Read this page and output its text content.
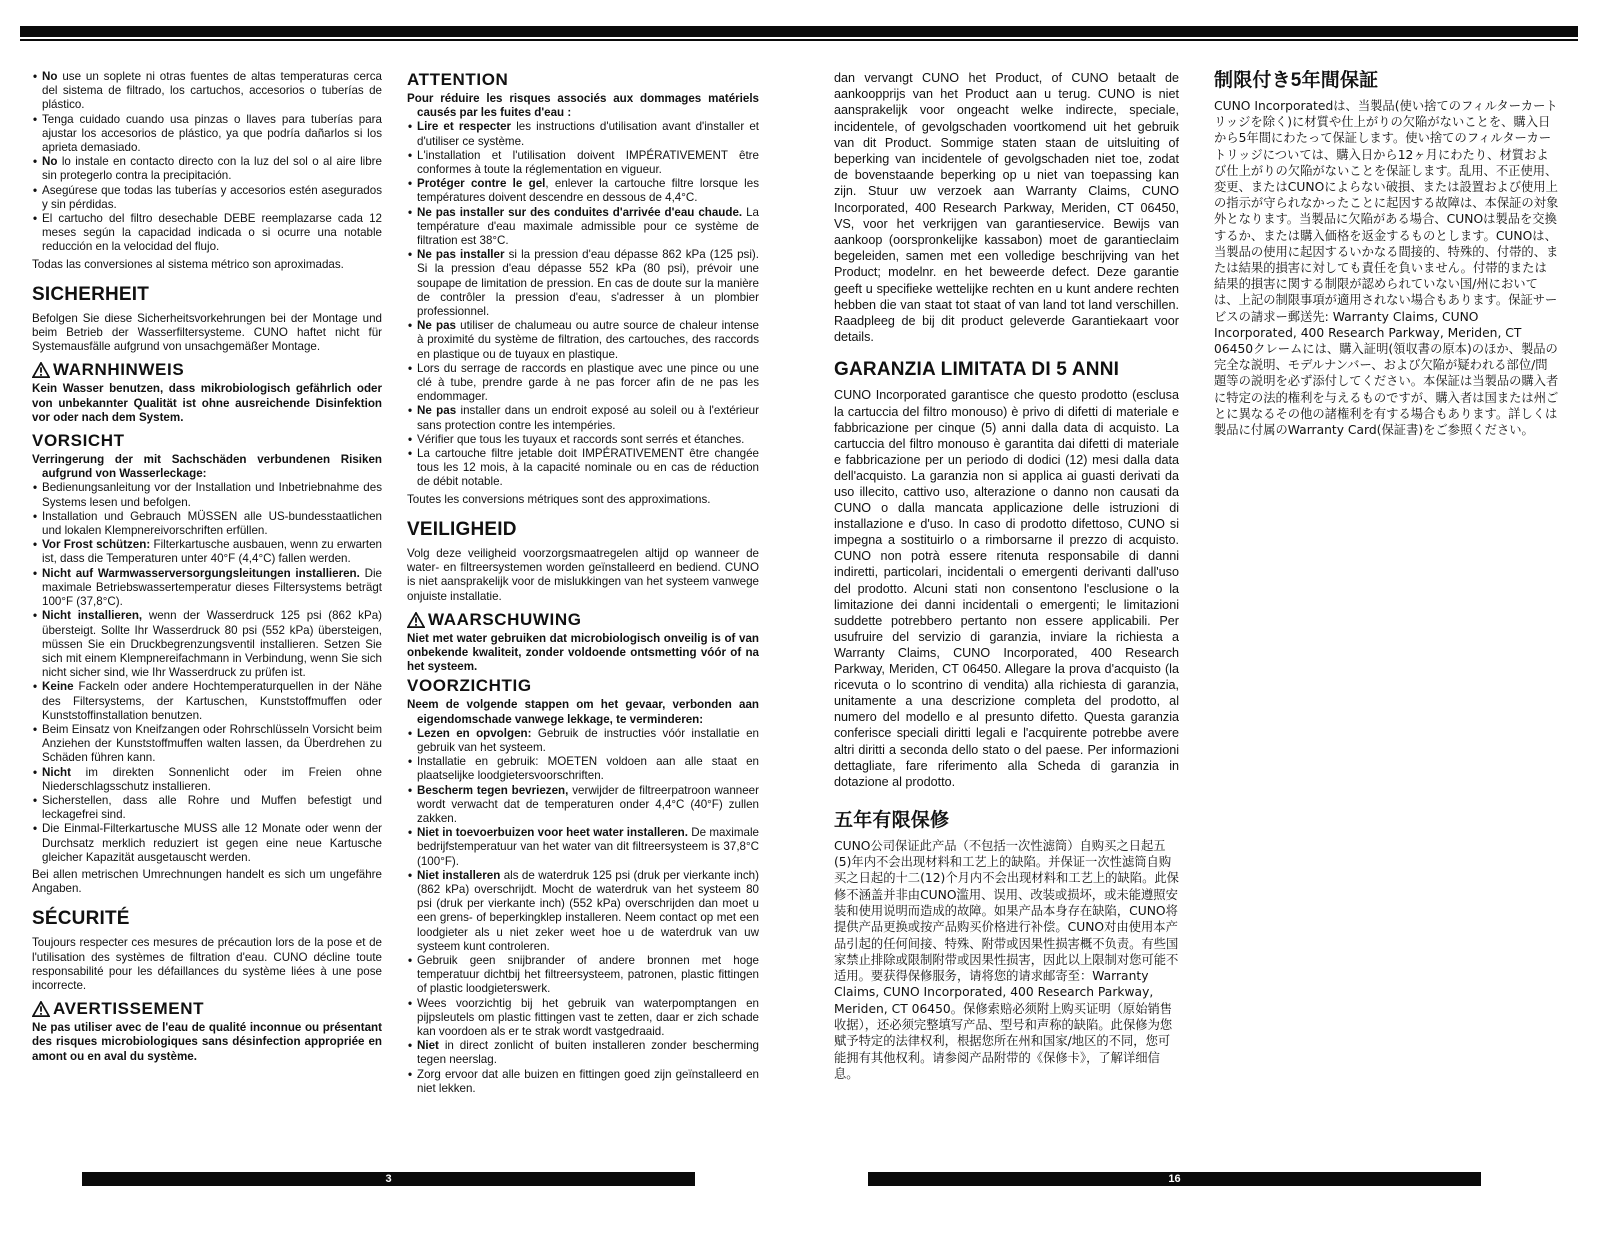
• No use un soplete ni otras fuentes de altas temperaturas cerca del sistema de filtrado, los cartuchos, accesorios o tuberías de plástico.
• Tenga cuidado cuando usa pinzas o llaves para tuberías para ajustar los accesorios de plástico, ya que podría dañarlos si los aprieta demasiado.
• No lo instale en contacto directo con la luz del sol o al aire libre sin protegerlo contra la precipitación.
• Asegúrese que todas las tuberías y accesorios estén asegurados y sin pérdidas.
• El cartucho del filtro desechable DEBE reemplazarse cada 12 meses según la capacidad indicada o si ocurre una notable reducción en la velocidad del flujo.

Todas las conversiones al sistema métrico son aproximadas.

SICHERHEIT

Befolgen Sie diese Sicherheitsvorkehrungen bei der Montage und beim Betrieb der Wasserfiltersysteme. CUNO haftet nicht für Systemausfälle aufgrund von unsachgemäßer Montage.

WARNHINWEIS

Kein Wasser benutzen, dass mikrobiologisch gefährlich oder von unbekannter Qualität ist ohne ausreichende Disinfektion vor oder nach dem System.

VORSICHT

Verringerung der mit Sachschäden verbundenen Risiken aufgrund von Wasserleckage:

• Bedienungsanleitung vor der Installation und Inbetriebnahme des Systems lesen und befolgen.
• Installation und Gebrauch MÜSSEN alle US-bundesstaatlichen und lokalen Klempnereivorschriften erfüllen.
• Vor Frost schützen: Filterkartusche ausbauen, wenn zu erwarten ist, dass die Temperaturen unter 40°F (4,4°C) fallen werden.
• Nicht auf Warmwasserversorgungsleitungen installieren. Die maximale Betriebswassertemperatur dieses Filtersystems beträgt 100°F (37,8°C).
• Nicht installieren, wenn der Wasserdruck 125 psi (862 kPa) übersteigt. Sollte Ihr Wasserdruck 80 psi (552 kPa) übersteigen, müssen Sie ein Druckbegrenzungsventil installieren. Setzen Sie sich mit einem Klempnereifachmann in Verbindung, wenn Sie sich nicht sicher sind, wie Ihr Wasserdruck zu prüfen ist.
• Keine Fackeln oder andere Hochtemperaturquellen in der Nähe des Filtersystems, der Kartuschen, Kunststoffmuffen oder Kunststoffinstallation benutzen.
• Beim Einsatz von Kneifzangen oder Rohrschlüsseln Vorsicht beim Anziehen der Kunststoffmuffen walten lassen, da Überdrehen zu Schäden führen kann.
• Nicht im direkten Sonnenlicht oder im Freien ohne Niederschlagsschutz installieren.
• Sicherstellen, dass alle Rohre und Muffen befestigt und leckagefrei sind.
• Die Einmal-Filterkartusche MUSS alle 12 Monate oder wenn der Durchsatz merklich reduziert ist gegen eine neue Kartusche gleicher Kapazität ausgetauscht werden.

Bei allen metrischen Umrechnungen handelt es sich um ungefähre Angaben.

SÉCURITÉ

Toujours respecter ces mesures de précaution lors de la pose et de l'utilisation des systèmes de filtration d'eau. CUNO décline toute responsabilité pour les défaillances du système liées à une pose incorrecte.

AVERTISSEMENT

Ne pas utiliser avec de l'eau de qualité inconnue ou présentant des risques microbiologiques sans désinfection appropriée en amont ou en aval du système.

ATTENTION

Pour réduire les risques associés aux dommages matériels causés par les fuites d'eau :

• Lire et respecter les instructions d'utilisation avant d'installer et d'utiliser ce système.
• L'installation et l'utilisation doivent IMPÉRATIVEMENT être conformes à toute la réglementation en vigueur.
• Protéger contre le gel, enlever la cartouche filtre lorsque les températures doivent descendre en dessous de 4,4°C.
• Ne pas installer sur des conduites d'arrivée d'eau chaude. La température d'eau maximale admissible pour ce système de filtration est 38°C.
• Ne pas installer si la pression d'eau dépasse 862 kPa (125 psi). Si la pression d'eau dépasse 552 kPa (80 psi), prévoir une soupape de limitation de pression. En cas de doute sur la manière de contrôler la pression d'eau, s'adresser à un plombier professionnel.
• Ne pas utiliser de chalumeau ou autre source de chaleur intense à proximité du système de filtration, des cartouches, des raccords en plastique ou de tuyaux en plastique.
• Lors du serrage de raccords en plastique avec une pince ou une clé à tube, prendre garde à ne pas forcer afin de ne pas les endommager.
• Ne pas installer dans un endroit exposé au soleil ou à l'extérieur sans protection contre les intempéries.
• Vérifier que tous les tuyaux et raccords sont serrés et étanches.
• La cartouche filtre jetable doit IMPÉRATIVEMENT être changée tous les 12 mois, à la capacité nominale ou en cas de réduction de débit notable.

Toutes les conversions métriques sont des approximations.

VEILIGHEID

Volg deze veiligheid voorzorgsmaatregelen altijd op wanneer de water- en filtreersystemen worden geïnstalleerd en bediend. CUNO is niet aansprakelijk voor de mislukkingen van het systeem vanwege onjuiste installatie.

WAARSCHUWING

Niet met water gebruiken dat microbiologisch onveilig is of van onbekende kwaliteit, zonder voldoende ontsmetting vóór of na het systeem.

VOORZICHTIG

Neem de volgende stappen om het gevaar, verbonden aan eigendomschade vanwege lekkage, te verminderen:

• Lezen en opvolgen: Gebruik de instructies vóór installatie en gebruik van het systeem.
• Installatie en gebruik: MOETEN voldoen aan alle staat en plaatselijke loodgietersvoorschriften.
• Bescherm tegen bevriezen, verwijder de filtreerpatroon wanneer wordt verwacht dat de temperaturen onder 4,4°C (40°F) zullen zakken.
• Niet in toevoerbuizen voor heet water installeren. De maximale bedrijfstemperatuur van het water van dit filtreersysteem is 37,8°C (100°F).
• Niet installeren als de waterdruk 125 psi (druk per vierkante inch) (862 kPa) overschrijdt. Mocht de waterdruk van het systeem 80 psi (druk per vierkante inch) (552 kPa) overschrijden dan moet u een grens- of beperkingklep installeren. Neem contact op met een loodgieter als u niet zeker weet hoe u de waterdruk van uw systeem kunt controleren.
• Gebruik geen snijbrander of andere bronnen met hoge temperatuur dichtbij het filtreersysteem, patronen, plastic fittingen of plastic loodgieterswerk.
• Wees voorzichtig bij het gebruik van waterpomptangen en pijpsleutels om plastic fittingen vast te zetten, daar er zich schade kan voordoen als er te strak wordt vastgedraaid.
• Niet in direct zonlicht of buiten installeren zonder bescherming tegen neerslag.
• Zorg ervoor dat alle buizen en fittingen goed zijn geïnstalleerd en niet lekken.

dan vervangt CUNO het Product, of CUNO betaalt de aankoopprijs van het Product aan u terug. CUNO is niet aansprakelijk voor ongeacht welke indirecte, speciale, incidentele, of gevolgschaden voortkomend uit het gebruik van dit Product. Sommige staten staan de uitsluiting of beperking van incidentele of gevolgschaden niet toe, zodat de bovenstaande beperking op u niet van toepassing kan zijn. Stuur uw verzoek aan Warranty Claims, CUNO Incorporated, 400 Research Parkway, Meriden, CT 06450, VS, voor het verkrijgen van garantieservice. Bewijs van aankoop (oorspronkelijke kassabon) moet de garantieclaim begeleiden, samen met een volledige beschrijving van het Product; modelnr. en het beweerde defect. Deze garantie geeft u specifieke wettelijke rechten en u kunt andere rechten hebben die van staat tot staat of van land tot land verschillen. Raadpleeg de bij dit product geleverde Garantiekaart voor details.

GARANZIA LIMITATA DI 5 ANNI

CUNO Incorporated garantisce che questo prodotto (esclusa la cartuccia del filtro monouso) è privo di difetti di materiale e fabbricazione per cinque (5) anni dalla data di acquisto. La cartuccia del filtro monouso è garantita dai difetti di materiale e fabbricazione per un periodo di dodici (12) mesi dalla data dell'acquisto. La garanzia non si applica ai guasti derivati da uso illecito, cattivo uso, alterazione o danno non causati da CUNO o dalla mancata applicazione delle istruzioni di installazione e d'uso. In caso di prodotto difettoso, CUNO si impegna a sostituirlo o a rimborsarne il prezzo di acquisto. CUNO non potrà essere ritenuta responsabile di danni indiretti, particolari, incidentali o emergenti derivanti dall'uso del prodotto. Alcuni stati non consentono l'esclusione o la limitazione dei danni incidentali o emergenti; le limitazioni suddette potrebbero pertanto non essere applicabili. Per usufruire del servizio di garanzia, inviare la richiesta a Warranty Claims, CUNO Incorporated, 400 Research Parkway, Meriden, CT 06450. Allegare la prova d'acquisto (la ricevuta o lo scontrino di vendita) alla richiesta di garanzia, unitamente a una descrizione completa del prodotto, al numero del modello e al presunto difetto. Questa garanzia conferisce speciali diritti legali e l'acquirente potrebbe avere altri diritti a seconda dello stato o del paese. Per informazioni dettagliate, fare riferimento alla Scheda di garanzia in dotazione al prodotto.

五年有限保修

CUNO公司保证此产品（不包括一次性滤筒）自购买之日起五(5)年内不会出现材料和工艺上的缺陷。并保证一次性滤筒自购买之日起的十二(12)个月内不会出现材料和工艺上的缺陷。此保修不涵盖并非由CUNO滥用、误用、改装或损坏，或未能遵照安装和使用说明而造成的故障。如果产品本身存在缺陷，CUNO将提供产品更换或按产品购买价格进行补偿。CUNO对由使用本产品引起的任何间接、特殊、附带或因果性损害概不负责。有些国家禁止排除或限制附带或因果性损害，因此以上限制对您可能不适用。要获得保修服务，请将您的请求邮寄至：Warranty Claims, CUNO Incorporated, 400 Research Parkway, Meriden, CT 06450。保修索赔必须附上购买证明（原始销售收据），还必须完整填写产品、型号和声称的缺陷。此保修为您赋予特定的法律权利，根据您所在州和国家/地区的不同，您可能拥有其他权利。请参阅产品附带的《保修卡》，了解详细信息。

制限付き5年間保証

CUNO Incorporatedは、当製品(使い捨てのフィルターカートリッジを除く)に材質や仕上がりの欠陥がないことを、購入日から5年間にわたって保証します。使い捨てのフィルターカートリッジについては、購入日から12ヶ月にわたり、材質および仕上がりの欠陥がないことを保証します。乱用、不正使用、変更、またはCUNOによらない破損、または設置および使用上の指示が守られなかったことに起因する故障は、本保証の対象外となります。当製品に欠陥がある場合、CUNOは製品を交換するか、または購入価格を返金するものとします。CUNOは、当製品の使用に起因するいかなる間接的、特殊的、付帯的、または結果的損害に対しても責任を負いません。付帯的または結果的損害に関する制限が認められていない国/州においては、上記の制限事項が適用されない場合もあります。保証サービスの請求ー郵送先: Warranty Claims, CUNO Incorporated, 400 Research Parkway, Meriden, CT 06450クレームには、購入証明(領収書の原本)のほか、製品の完全な説明、モデルナンバー、および欠陥が疑われる部位/問題等の説明を必ず添付してください。本保証は当製品の購入者に特定の法的権利を与えるものですが、購入者は国または州ごとに異なるその他の諸権利を有する場合もあります。詳しくは製品に付属のWarranty Card(保証書)をご参照ください。

3	16
